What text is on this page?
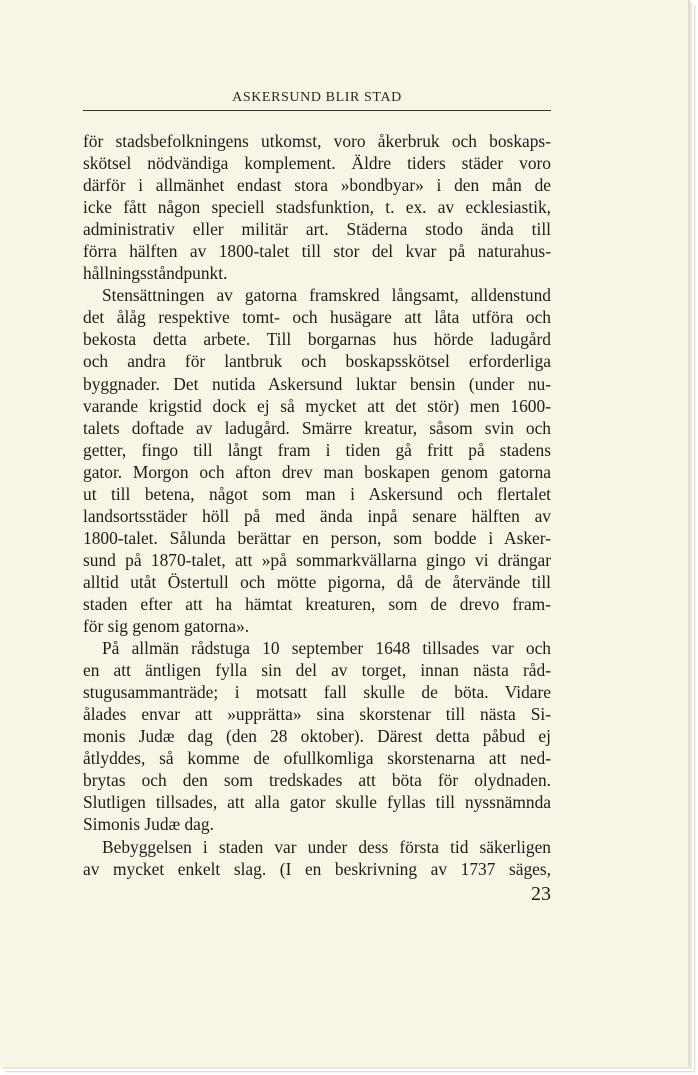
ASKERSUND BLIR STAD
för stadsbefolkningens utkomst, voro åkerbruk och boskaps-
skötsel nödvändiga komplement. Äldre tiders städer voro
därför i allmänhet endast stora »bondbyar» i den mån de
icke fått någon speciell stadsfunktion, t. ex. av ecklesiastik,
administrativ eller militär art. Städerna stodo ända till
förra hälften av 1800-talet till stor del kvar på naturahus-
hållningsståndpunkt.
Stensättningen av gatorna framskred långsamt, alldenstund
det ålåg respektive tomt- och husägare att låta utföra och
bekosta detta arbete. Till borgarnas hus hörde ladugård
och andra för lantbruk och boskapsskötsel erforderliga
byggnader. Det nutida Askersund luktar bensin (under nu-
varande krigstid dock ej så mycket att det stör) men 1600-
talets doftade av ladugård. Smärre kreatur, såsom svin och
getter, fingo till långt fram i tiden gå fritt på stadens
gator. Morgon och afton drev man boskapen genom gatorna
ut till betena, något som man i Askersund och flertalet
landsortsstäder höll på med ända inpå senare hälften av
1800-talet. Sålunda berättar en person, som bodde i Asker-
sund på 1870-talet, att »på sommarkvällarna gingo vi drängar
alltid utåt Östertull och mötte pigorna, då de återvände till
staden efter att ha hämtat kreaturen, som de drevo fram-
för sig genom gatorna».
På allmän rådstuga 10 september 1648 tillsades var och
en att äntligen fylla sin del av torget, innan nästa råd-
stugusammanträde; i motsatt fall skulle de böta. Vidare
ålades envar att »upprätta» sina skorstenar till nästa Si-
monis Judæ dag (den 28 oktober). Därest detta påbud ej
åtlyddes, så komme de ofullkomliga skorstenarna att ned-
brytas och den som tredskades att böta för olydnaden.
Slutligen tillsades, att alla gator skulle fyllas till nyssnämnda
Simonis Judæ dag.
Bebyggelsen i staden var under dess första tid säkerligen
av mycket enkelt slag. (I en beskrivning av 1737 säges,
23
